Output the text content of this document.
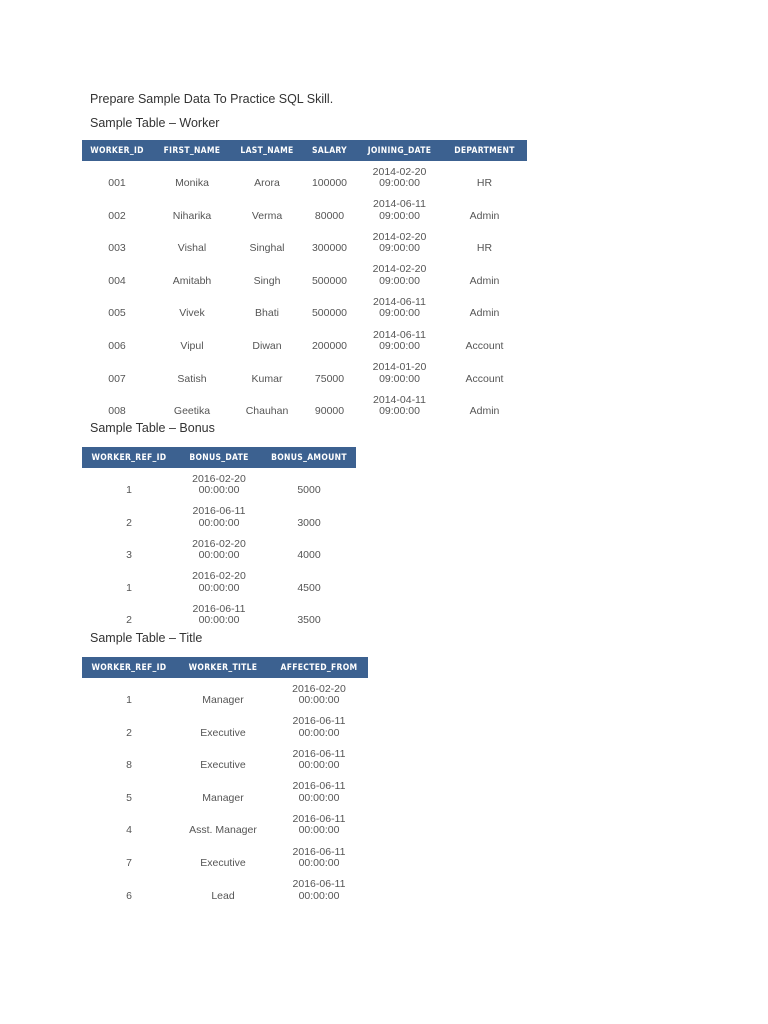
Prepare Sample Data To Practice SQL Skill.
Sample Table – Worker
WORKER_ID	FIRST_NAME	LAST_NAME	SALARY	JOINING_DATE	DEPARTMENT

001	Monika	Arora	100000	2014-02-20
09:00:00	HR

002	Niharika	Verma	80000	2014-06-11
09:00:00	Admin

003	Vishal	Singhal	300000	2014-02-20
09:00:00	HR

004	Amitabh	Singh	500000	2014-02-20
09:00:00	Admin

005	Vivek	Bhati	500000	2014-06-11
09:00:00	Admin

006	Vipul	Diwan	200000	2014-06-11
09:00:00	Account

007	Satish	Kumar	75000	2014-01-20
09:00:00	Account

008	Geetika	Chauhan	90000	2014-04-11
09:00:00	Admin
Sample Table – Bonus
WORKER_REF_ID	BONUS_DATE	BONUS_AMOUNT

1	2016-02-20
00:00:00	5000

2	2016-06-11
00:00:00	3000

3	2016-02-20
00:00:00	4000

1	2016-02-20
00:00:00	4500

2	2016-06-11
00:00:00	3500
Sample Table – Title
WORKER_REF_ID	WORKER_TITLE	AFFECTED_FROM

1	Manager	2016-02-20
00:00:00

2	Executive	2016-06-11
00:00:00

8	Executive	2016-06-11
00:00:00

5	Manager	2016-06-11
00:00:00

4	Asst. Manager	2016-06-11
00:00:00

7	Executive	2016-06-11
00:00:00

6	Lead	2016-06-11
00:00:00
